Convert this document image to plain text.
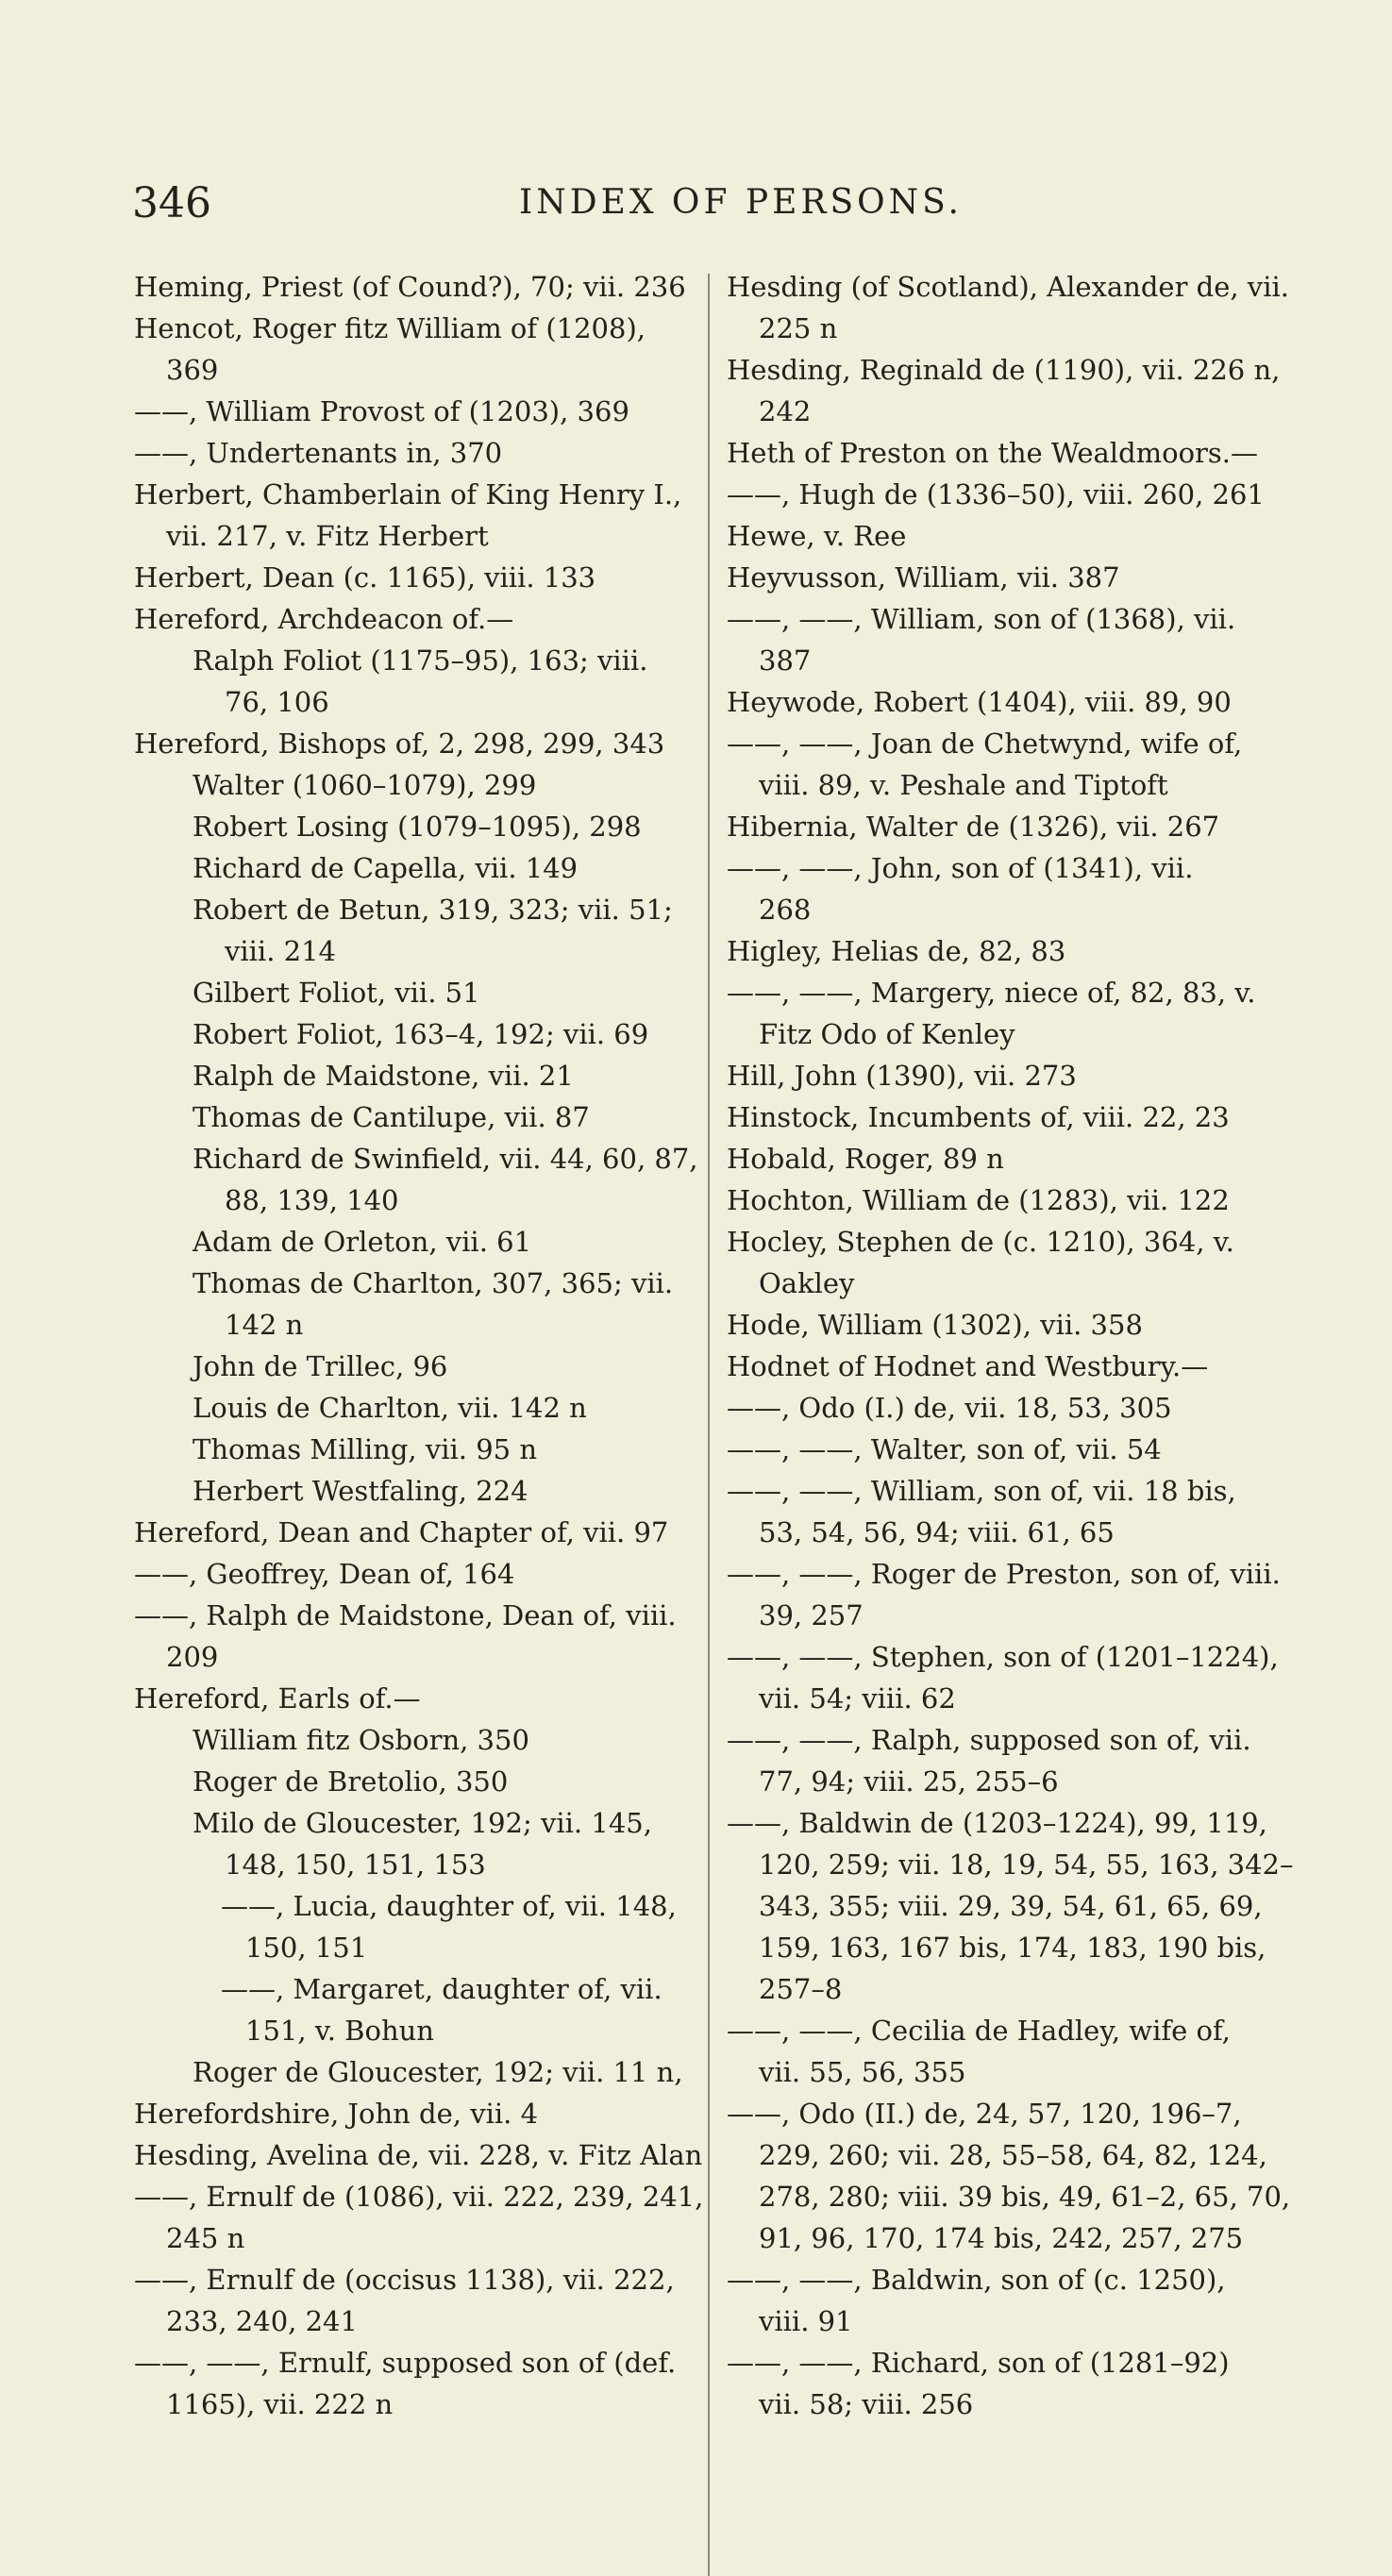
346	INDEX OF PERSONS.
Heming, Priest (of Cound?), 70; vii. 236
Hencot, Roger fitz William of (1208),
369
——, William Provost of (1203), 369
——, Undertenants in, 370
Herbert, Chamberlain of King Henry I.,
vii. 217, v. Fitz Herbert
Herbert, Dean (c. 1165), viii. 133
Hereford, Archdeacon of.—
Ralph Foliot (1175–95), 163; viii.
76, 106
Hereford, Bishops of, 2, 298, 299, 343
Walter (1060–1079), 299
Robert Losing (1079–1095), 298
Richard de Capella, vii. 149
Robert de Betun, 319, 323; vii. 51;
viii. 214
Gilbert Foliot, vii. 51
Robert Foliot, 163–4, 192; vii. 69
Ralph de Maidstone, vii. 21
Thomas de Cantilupe, vii. 87
Richard de Swinfield, vii. 44, 60, 87,
88, 139, 140
Adam de Orleton, vii. 61
Thomas de Charlton, 307, 365; vii.
142 n
John de Trillec, 96
Louis de Charlton, vii. 142 n
Thomas Milling, vii. 95 n
Herbert Westfaling, 224
Hereford, Dean and Chapter of, vii. 97
——, Geoffrey, Dean of, 164
——, Ralph de Maidstone, Dean of, viii.
209
Hereford, Earls of.—
William fitz Osborn, 350
Roger de Bretolio, 350
Milo de Gloucester, 192; vii. 145,
148, 150, 151, 153
——, Lucia, daughter of, vii. 148,
150, 151
——, Margaret, daughter of, vii.
151, v. Bohun
Roger de Gloucester, 192; vii. 11 n,
Herefordshire, John de, vii. 4
Hesding, Avelina de, vii. 228, v. Fitz Alan
——, Ernulf de (1086), vii. 222, 239, 241,
245 n
——, Ernulf de (occisus 1138), vii. 222,
233, 240, 241
——, ——, Ernulf, supposed son of (def.
1165), vii. 222 n
Hesding (of Scotland), Alexander de, vii.
225 n
Hesding, Reginald de (1190), vii. 226 n,
242
Heth of Preston on the Wealdmoors.—
——, Hugh de (1336–50), viii. 260, 261
Hewe, v. Ree
Heyvusson, William, vii. 387
——, ——, William, son of (1368), vii.
387
Heywode, Robert (1404), viii. 89, 90
——, ——, Joan de Chetwynd, wife of,
viii. 89, v. Peshale and Tiptoft
Hibernia, Walter de (1326), vii. 267
——, ——, John, son of (1341), vii.
268
Higley, Helias de, 82, 83
——, ——, Margery, niece of, 82, 83, v.
Fitz Odo of Kenley
Hill, John (1390), vii. 273
Hinstock, Incumbents of, viii. 22, 23
Hobald, Roger, 89 n
Hochton, William de (1283), vii. 122
Hocley, Stephen de (c. 1210), 364, v.
Oakley
Hode, William (1302), vii. 358
Hodnet of Hodnet and Westbury.—
——, Odo (I.) de, vii. 18, 53, 305
——, ——, Walter, son of, vii. 54
——, ——, William, son of, vii. 18 bis,
53, 54, 56, 94; viii. 61, 65
——, ——, Roger de Preston, son of, viii.
39, 257
——, ——, Stephen, son of (1201–1224),
vii. 54; viii. 62
——, ——, Ralph, supposed son of, vii.
77, 94; viii. 25, 255–6
——, Baldwin de (1203–1224), 99, 119,
120, 259; vii. 18, 19, 54, 55, 163, 342–
343, 355; viii. 29, 39, 54, 61, 65, 69,
159, 163, 167 bis, 174, 183, 190 bis,
257–8
——, ——, Cecilia de Hadley, wife of,
vii. 55, 56, 355
——, Odo (II.) de, 24, 57, 120, 196–7,
229, 260; vii. 28, 55–58, 64, 82, 124,
278, 280; viii. 39 bis, 49, 61–2, 65, 70,
91, 96, 170, 174 bis, 242, 257, 275
——, ——, Baldwin, son of (c. 1250),
viii. 91
——, ——, Richard, son of (1281–92)
vii. 58; viii. 256
